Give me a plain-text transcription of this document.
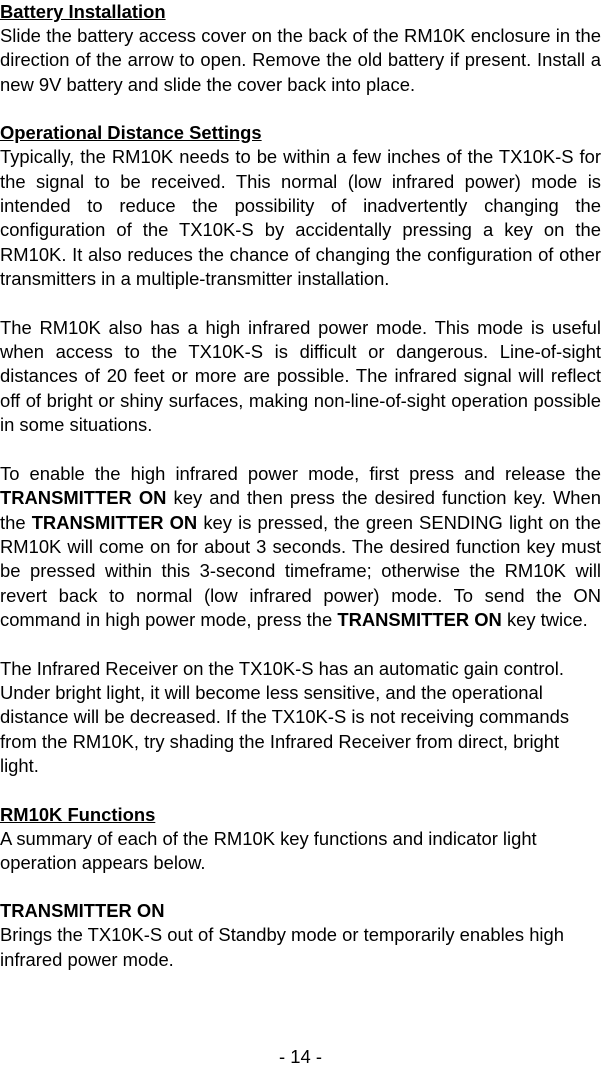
Battery Installation

Slide the battery access cover on the back of the RM10K enclosure in the direction of the arrow to open. Remove the old battery if present. Install a new 9V battery and slide the cover back into place.

Operational Distance Settings

Typically, the RM10K needs to be within a few inches of the TX10K-S for the signal to be received. This normal (low infrared power) mode is intended to reduce the possibility of inadvertently changing the configuration of the TX10K-S by accidentally pressing a key on the RM10K. It also reduces the chance of changing the configuration of other transmitters in a multiple-transmitter installation.

The RM10K also has a high infrared power mode. This mode is useful when access to the TX10K-S is difficult or dangerous. Line-of-sight distances of 20 feet or more are possible. The infrared signal will reflect off of bright or shiny surfaces, making non-line-of-sight operation possible in some situations.

To enable the high infrared power mode, first press and release the TRANSMITTER ON key and then press the desired function key. When the TRANSMITTER ON key is pressed, the green SENDING light on the RM10K will come on for about 3 seconds. The desired function key must be pressed within this 3-second timeframe; otherwise the RM10K will revert back to normal (low infrared power) mode. To send the ON command in high power mode, press the TRANSMITTER ON key twice.

The Infrared Receiver on the TX10K-S has an automatic gain control. Under bright light, it will become less sensitive, and the operational distance will be decreased. If the TX10K-S is not receiving commands from the RM10K, try shading the Infrared Receiver from direct, bright light.

RM10K Functions

A summary of each of the RM10K key functions and indicator light operation appears below.

TRANSMITTER ON

Brings the TX10K-S out of Standby mode or temporarily enables high infrared power mode.

- 14 -
